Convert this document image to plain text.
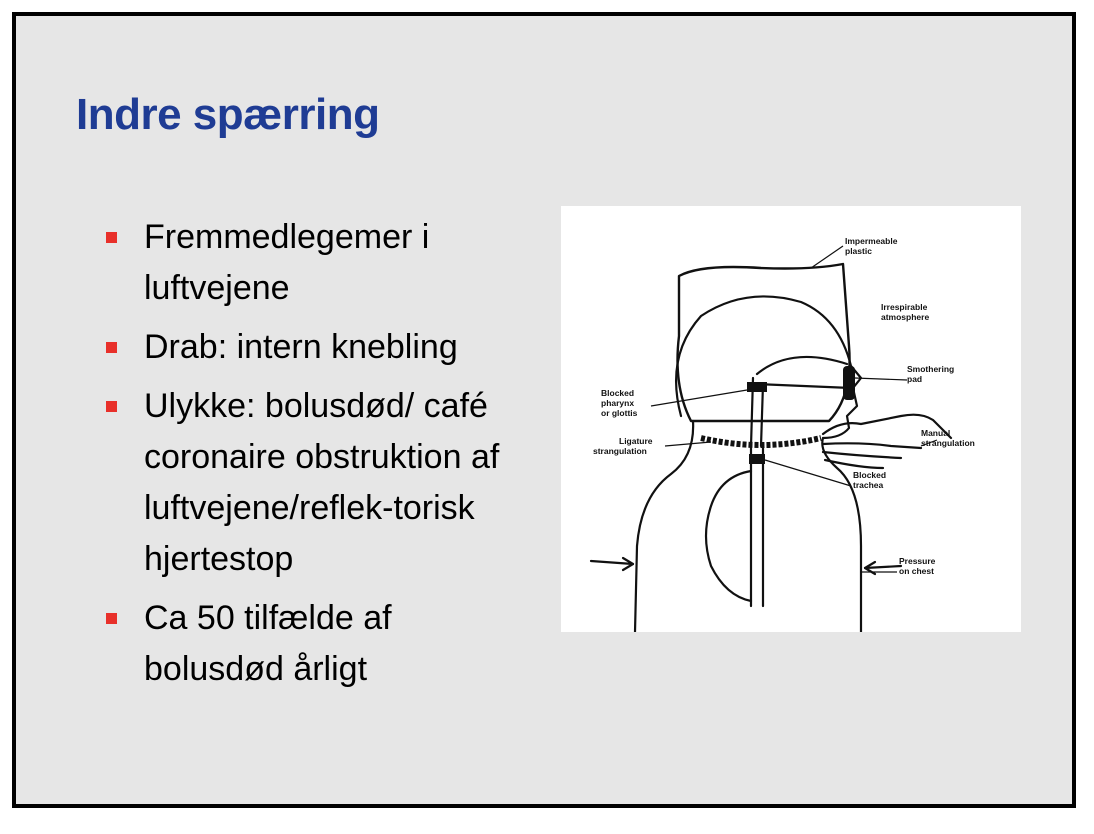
Indre spærring
Fremmedlegemer i luftvejene
Drab: intern knebling
Ulykke: bolusdød/ café coronaire obstruktion af luftvejene/reflek-torisk hjertestop
Ca 50 tilfælde af bolusdød årligt
Impermeable
plastic
Irrespirable
atmosphere
Smothering
pad
Blocked
pharynx
or glottis
Ligature
strangulation
Manual
strangulation
Blocked
trachea
Pressure
on chest
